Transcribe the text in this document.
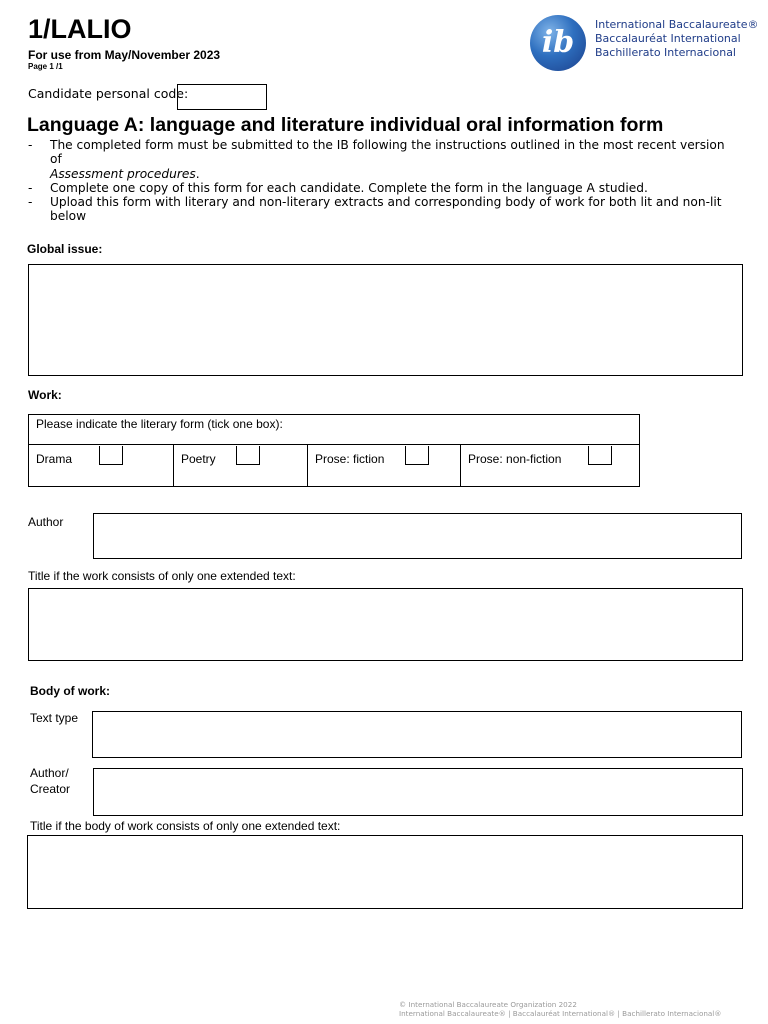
1/LALIO
For use from May/November 2023
Page 1 /1
ib
International Baccalaureate®
Baccalauréat International
Bachillerato Internacional
Candidate personal code:
Language A: language and literature individual oral information form
- The completed form must be submitted to the IB following the instructions outlined in the most recent version of
Assessment procedures.
- Complete one copy of this form for each candidate. Complete the form in the language A studied.
- Upload this form with literary and non-literary extracts and corresponding body of work for both lit and non-lit below
Global issue:
Work:
Please indicate the literary form (tick one box):
Drama	Poetry	Prose: fiction	Prose: non-fiction
Author
Title if the work consists of only one extended text:
Body of work:
Text type
Author/
Creator
Title if the body of work consists of only one extended text:
© International Baccalaureate Organization 2022
International Baccalaureate® | Baccalauréat International® | Bachillerato Internacional®
